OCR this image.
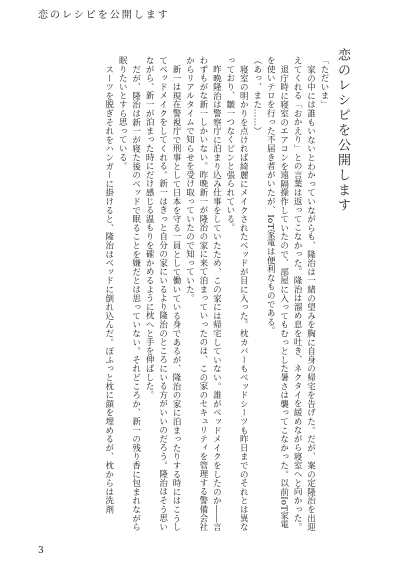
恋のレシピを公開します
恋のレシピを公開します

「ただいま」

家の中には誰もいないとわかっていながらも、隆治は一緒の望みを胸に自身の帰宅を告げた。だが、案の定隆治を出迎えてくれる「おかえり」との言葉は返ってこなかった。隆治は溜め息を吐き、ネクタイを緩めながら寝室へと向かった。

退庁時に寝室のエアコンを遠隔操作していたので、部屋に入ってもむっとした暑さは襲ってこなかった。以前IoT家電を使いテロを行った不届き者がいたが、IoT家電は便利なものである。

（あっ、また……）

寝室の明かりを点ければ綺麗にメイクされたベッドが目に入った。枕カバーもベッドシーツも昨日までのそれとは異なっており、皺一つなくピンと張られている。

昨晩隆治は警察庁に泊まり込み仕事をしていたため、この家には帰宅していない。誰がベッドメイクをしたのか――言わずもがな新一しかいない。昨晩新一が隆治の家に来て泊まっていったのは、この家のセキュリティを管理する警備会社からリアルタイムで知らせを受け取っていたので知っていた。

新一は現在警視庁で刑事として日本を守る一員として働いている身であるが、隆治の家に泊まったりする時にはこうしてベッドメイクをしてくれる。新一はきっと自分の家にいるより隆治のところにいる方がいいのだろう。隆治はそう思いながら、新一が泊まった時にだけ感じる温もりを確かめるように枕へと手を伸ばした。

だが、隆治は新一が寝た後のベッドで眠ることを嫌だとは思っていない。それどころか、新一の残り香に包まれながら眠りたいとすら思っている。

スーツを脱ぎそれをハンガーに掛けると、隆治はベッドに倒れ込んだ。ぽふっと枕に顔を埋めるが、枕からは洗剤

3
